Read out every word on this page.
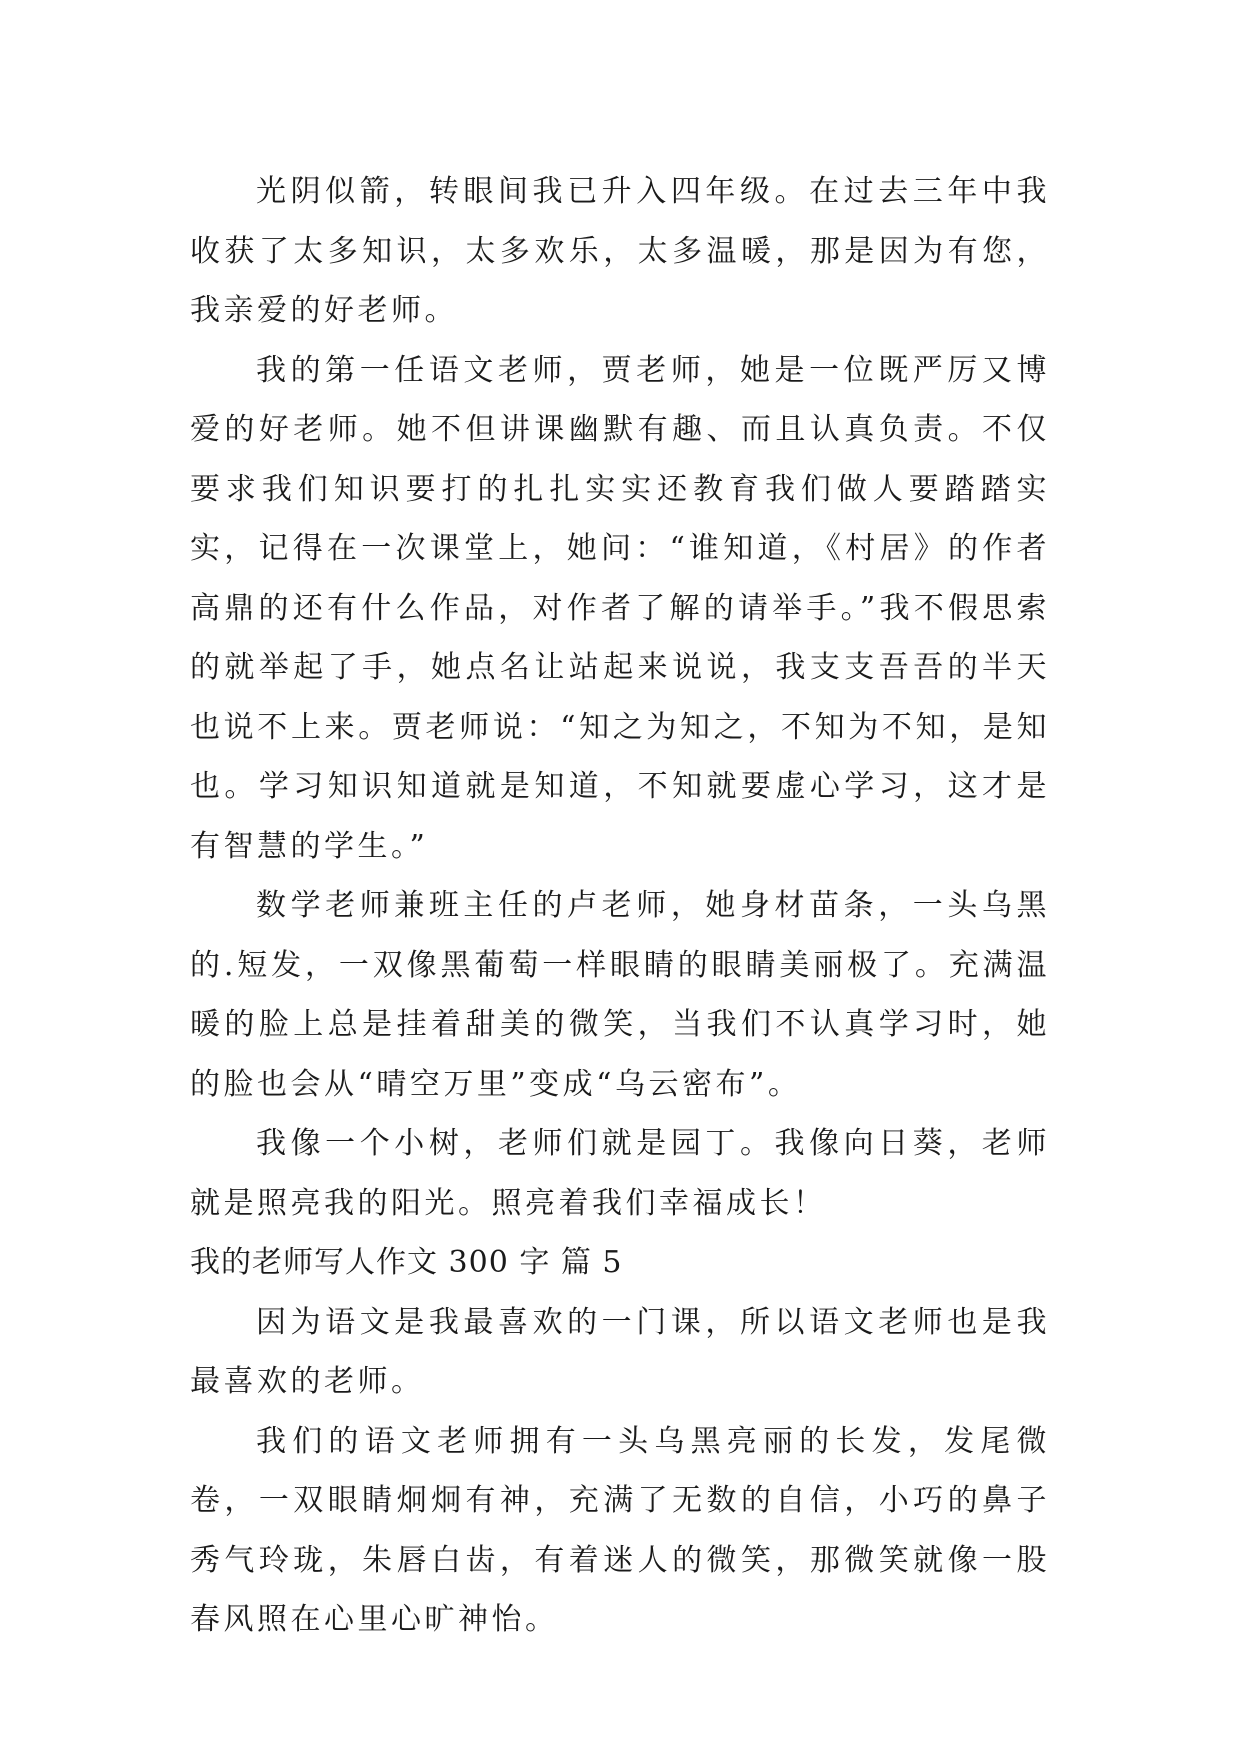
光阴似箭，转眼间我已升入四年级。在过去三年中我收获了太多知识，太多欢乐，太多温暖，那是因为有您，我亲爱的好老师。

我的第一任语文老师，贾老师，她是一位既严厉又博爱的好老师。她不但讲课幽默有趣、而且认真负责。不仅要求我们知识要打的扎扎实实还教育我们做人要踏踏实实，记得在一次课堂上，她问：“谁知道，《村居》的作者高鼎的还有什么作品，对作者了解的请举手。”我不假思索的就举起了手，她点名让站起来说说，我支支吾吾的半天也说不上来。贾老师说：“知之为知之，不知为不知，是知也。学习知识知道就是知道，不知就要虚心学习，这才是有智慧的学生。”

数学老师兼班主任的卢老师，她身材苗条，一头乌黑的.短发，一双像黑葡萄一样眼睛的眼睛美丽极了。充满温暖的脸上总是挂着甜美的微笑，当我们不认真学习时，她的脸也会从“晴空万里”变成“乌云密布”。

我像一个小树，老师们就是园丁。我像向日葵，老师就是照亮我的阳光。照亮着我们幸福成长！

我的老师写人作文 300 字 篇 5

因为语文是我最喜欢的一门课，所以语文老师也是我最喜欢的老师。

我们的语文老师拥有一头乌黑亮丽的长发，发尾微卷，一双眼睛炯炯有神，充满了无数的自信，小巧的鼻子秀气玲珑，朱唇白齿，有着迷人的微笑，那微笑就像一股春风照在心里心旷神怡。
